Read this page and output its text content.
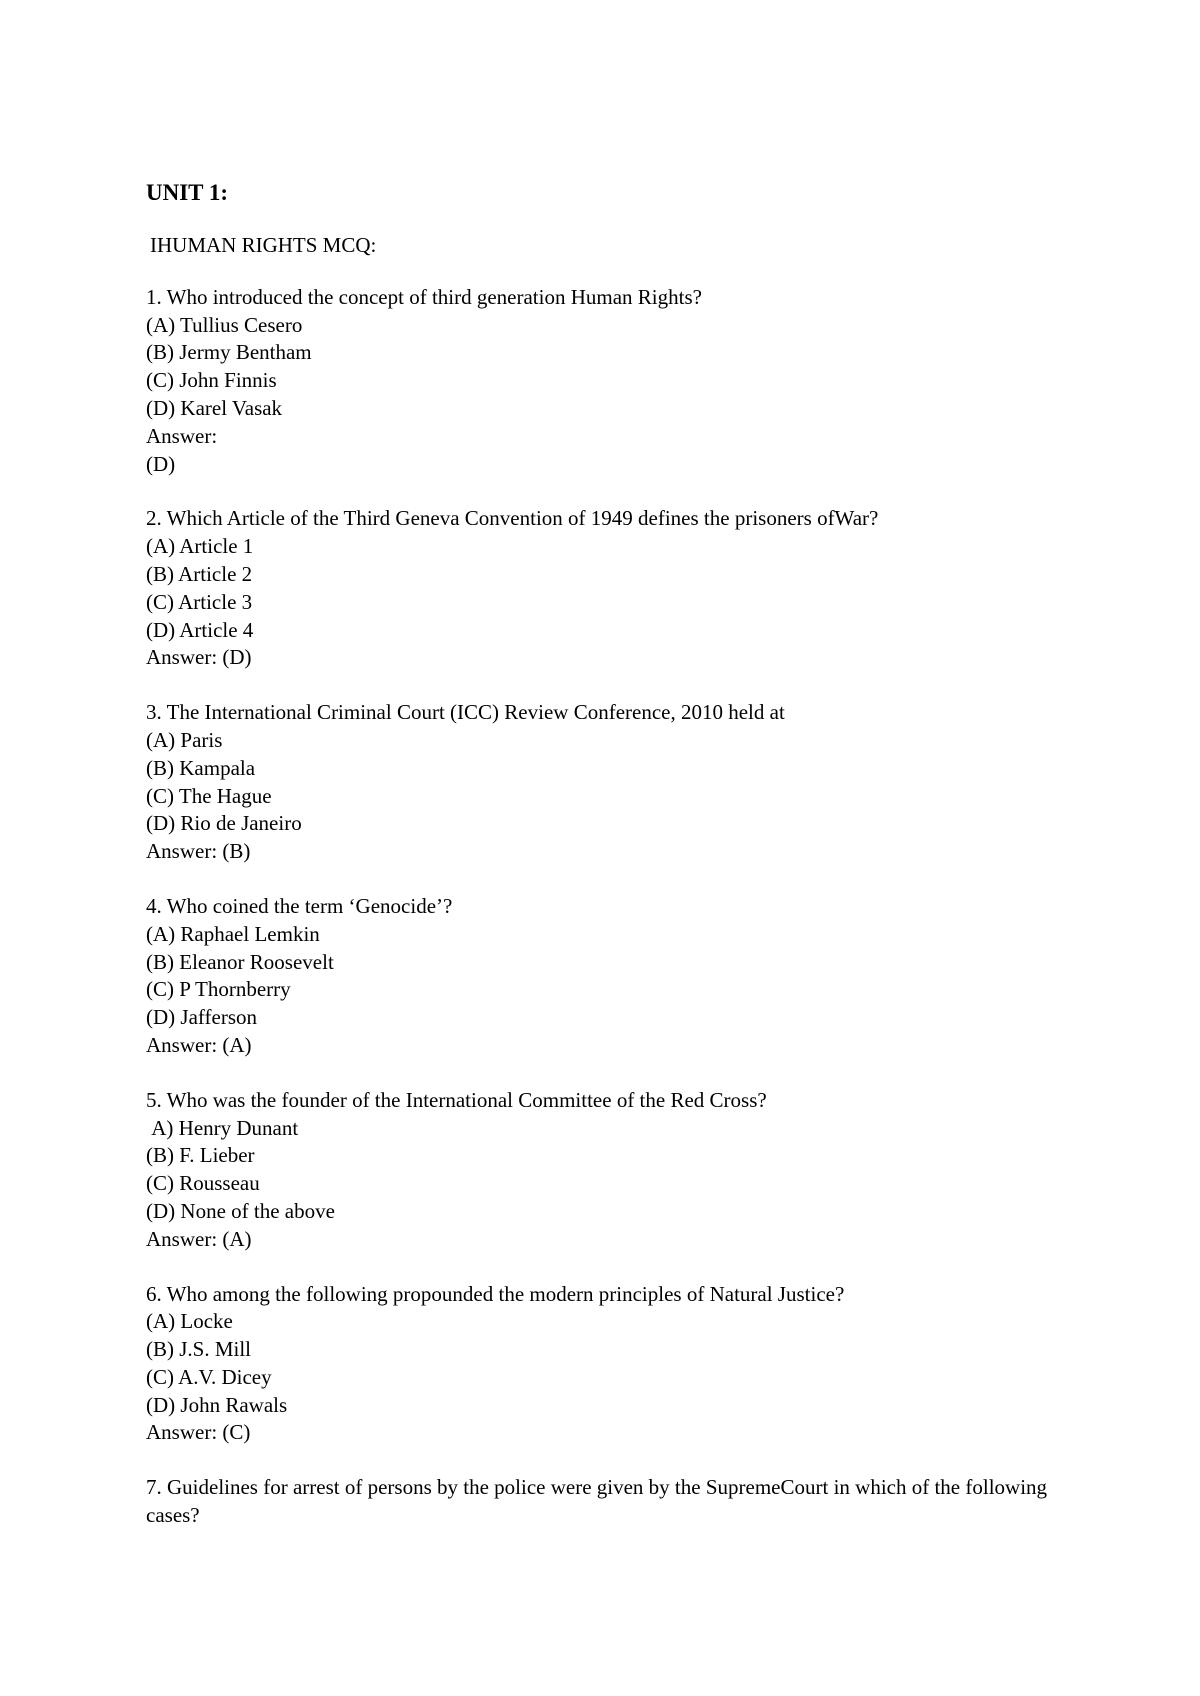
UNIT 1:
IHUMAN RIGHTS MCQ:
1. Who introduced the concept of third generation Human Rights?
(A) Tullius Cesero
(B) Jermy Bentham
(C) John Finnis
(D) Karel Vasak
Answer:
(D)
2. Which Article of the Third Geneva Convention of 1949 defines the prisoners ofWar?
(A) Article 1
(B) Article 2
(C) Article 3
(D) Article 4
Answer: (D)
3. The International Criminal Court (ICC) Review Conference, 2010 held at
(A) Paris
(B) Kampala
(C) The Hague
(D) Rio de Janeiro
Answer: (B)
4. Who coined the term ‘Genocide’?
(A) Raphael Lemkin
(B) Eleanor Roosevelt
(C) P Thornberry
(D) Jafferson
Answer: (A)
5. Who was the founder of the International Committee of the Red Cross?
A) Henry Dunant
(B) F. Lieber
(C) Rousseau
(D) None of the above
Answer: (A)
6. Who among the following propounded the modern principles of Natural Justice?
(A) Locke
(B) J.S. Mill
(C) A.V. Dicey
(D) John Rawals
Answer: (C)
7. Guidelines for arrest of persons by the police were given by the SupremeCourt in which of the following cases?
